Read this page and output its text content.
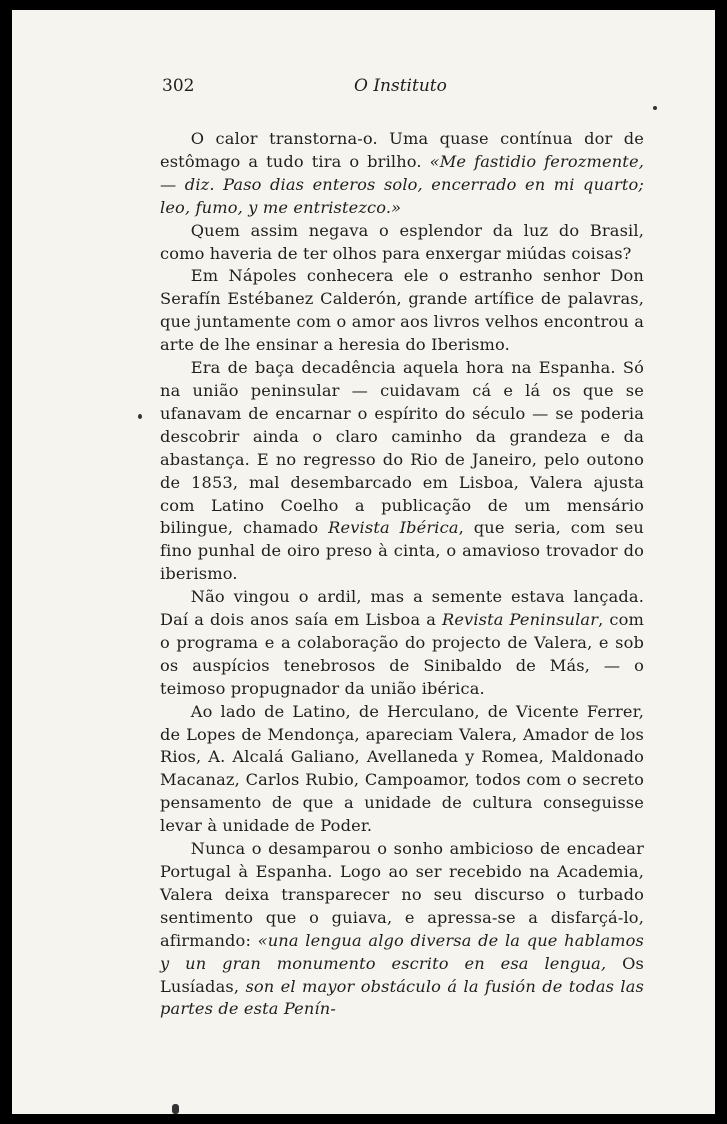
302	O Instituto

O calor transtorna-o. Uma quase contínua dor de estômago a tudo tira o brilho. «Me fastidio ferozmente, — diz. Paso dias enteros solo, encerrado en mi quarto; leo, fumo, y me entristezco.»

Quem assim negava o esplendor da luz do Brasil, como haveria de ter olhos para enxergar miúdas coisas?

Em Nápoles conhecera ele o estranho senhor Don Serafín Estébanez Calderón, grande artífice de palavras, que juntamente com o amor aos livros velhos encontrou a arte de lhe ensinar a heresia do Iberismo.

Era de baça decadência aquela hora na Espanha. Só na união peninsular — cuidavam cá e lá os que se ufanavam de encarnar o espírito do século — se poderia descobrir ainda o claro caminho da grandeza e da abastança. E no regresso do Rio de Janeiro, pelo outono de 1853, mal desembarcado em Lisboa, Valera ajusta com Latino Coelho a publicação de um mensário bilingue, chamado Revista Ibérica, que seria, com seu fino punhal de oiro preso à cinta, o amavioso trovador do iberismo.

Não vingou o ardil, mas a semente estava lançada. Daí a dois anos saía em Lisboa a Revista Peninsular, com o programa e a colaboração do projecto de Valera, e sob os auspícios tenebrosos de Sinibaldo de Más, — o teimoso propugnador da união ibérica.

Ao lado de Latino, de Herculano, de Vicente Ferrer, de Lopes de Mendonça, apareciam Valera, Amador de los Rios, A. Alcalá Galiano, Avellaneda y Romea, Maldonado Macanaz, Carlos Rubio, Campoamor, todos com o secreto pensamento de que a unidade de cultura conseguisse levar à unidade de Poder.

Nunca o desamparou o sonho ambicioso de encadear Portugal à Espanha. Logo ao ser recebido na Academia, Valera deixa transparecer no seu discurso o turbado sentimento que o guiava, e apressa-se a disfarçá-lo, afirmando: «una lengua algo diversa de la que hablamos y un gran monumento escrito en esa lengua, Os Lusíadas, son el mayor obstáculo á la fusión de todas las partes de esta Penín-
